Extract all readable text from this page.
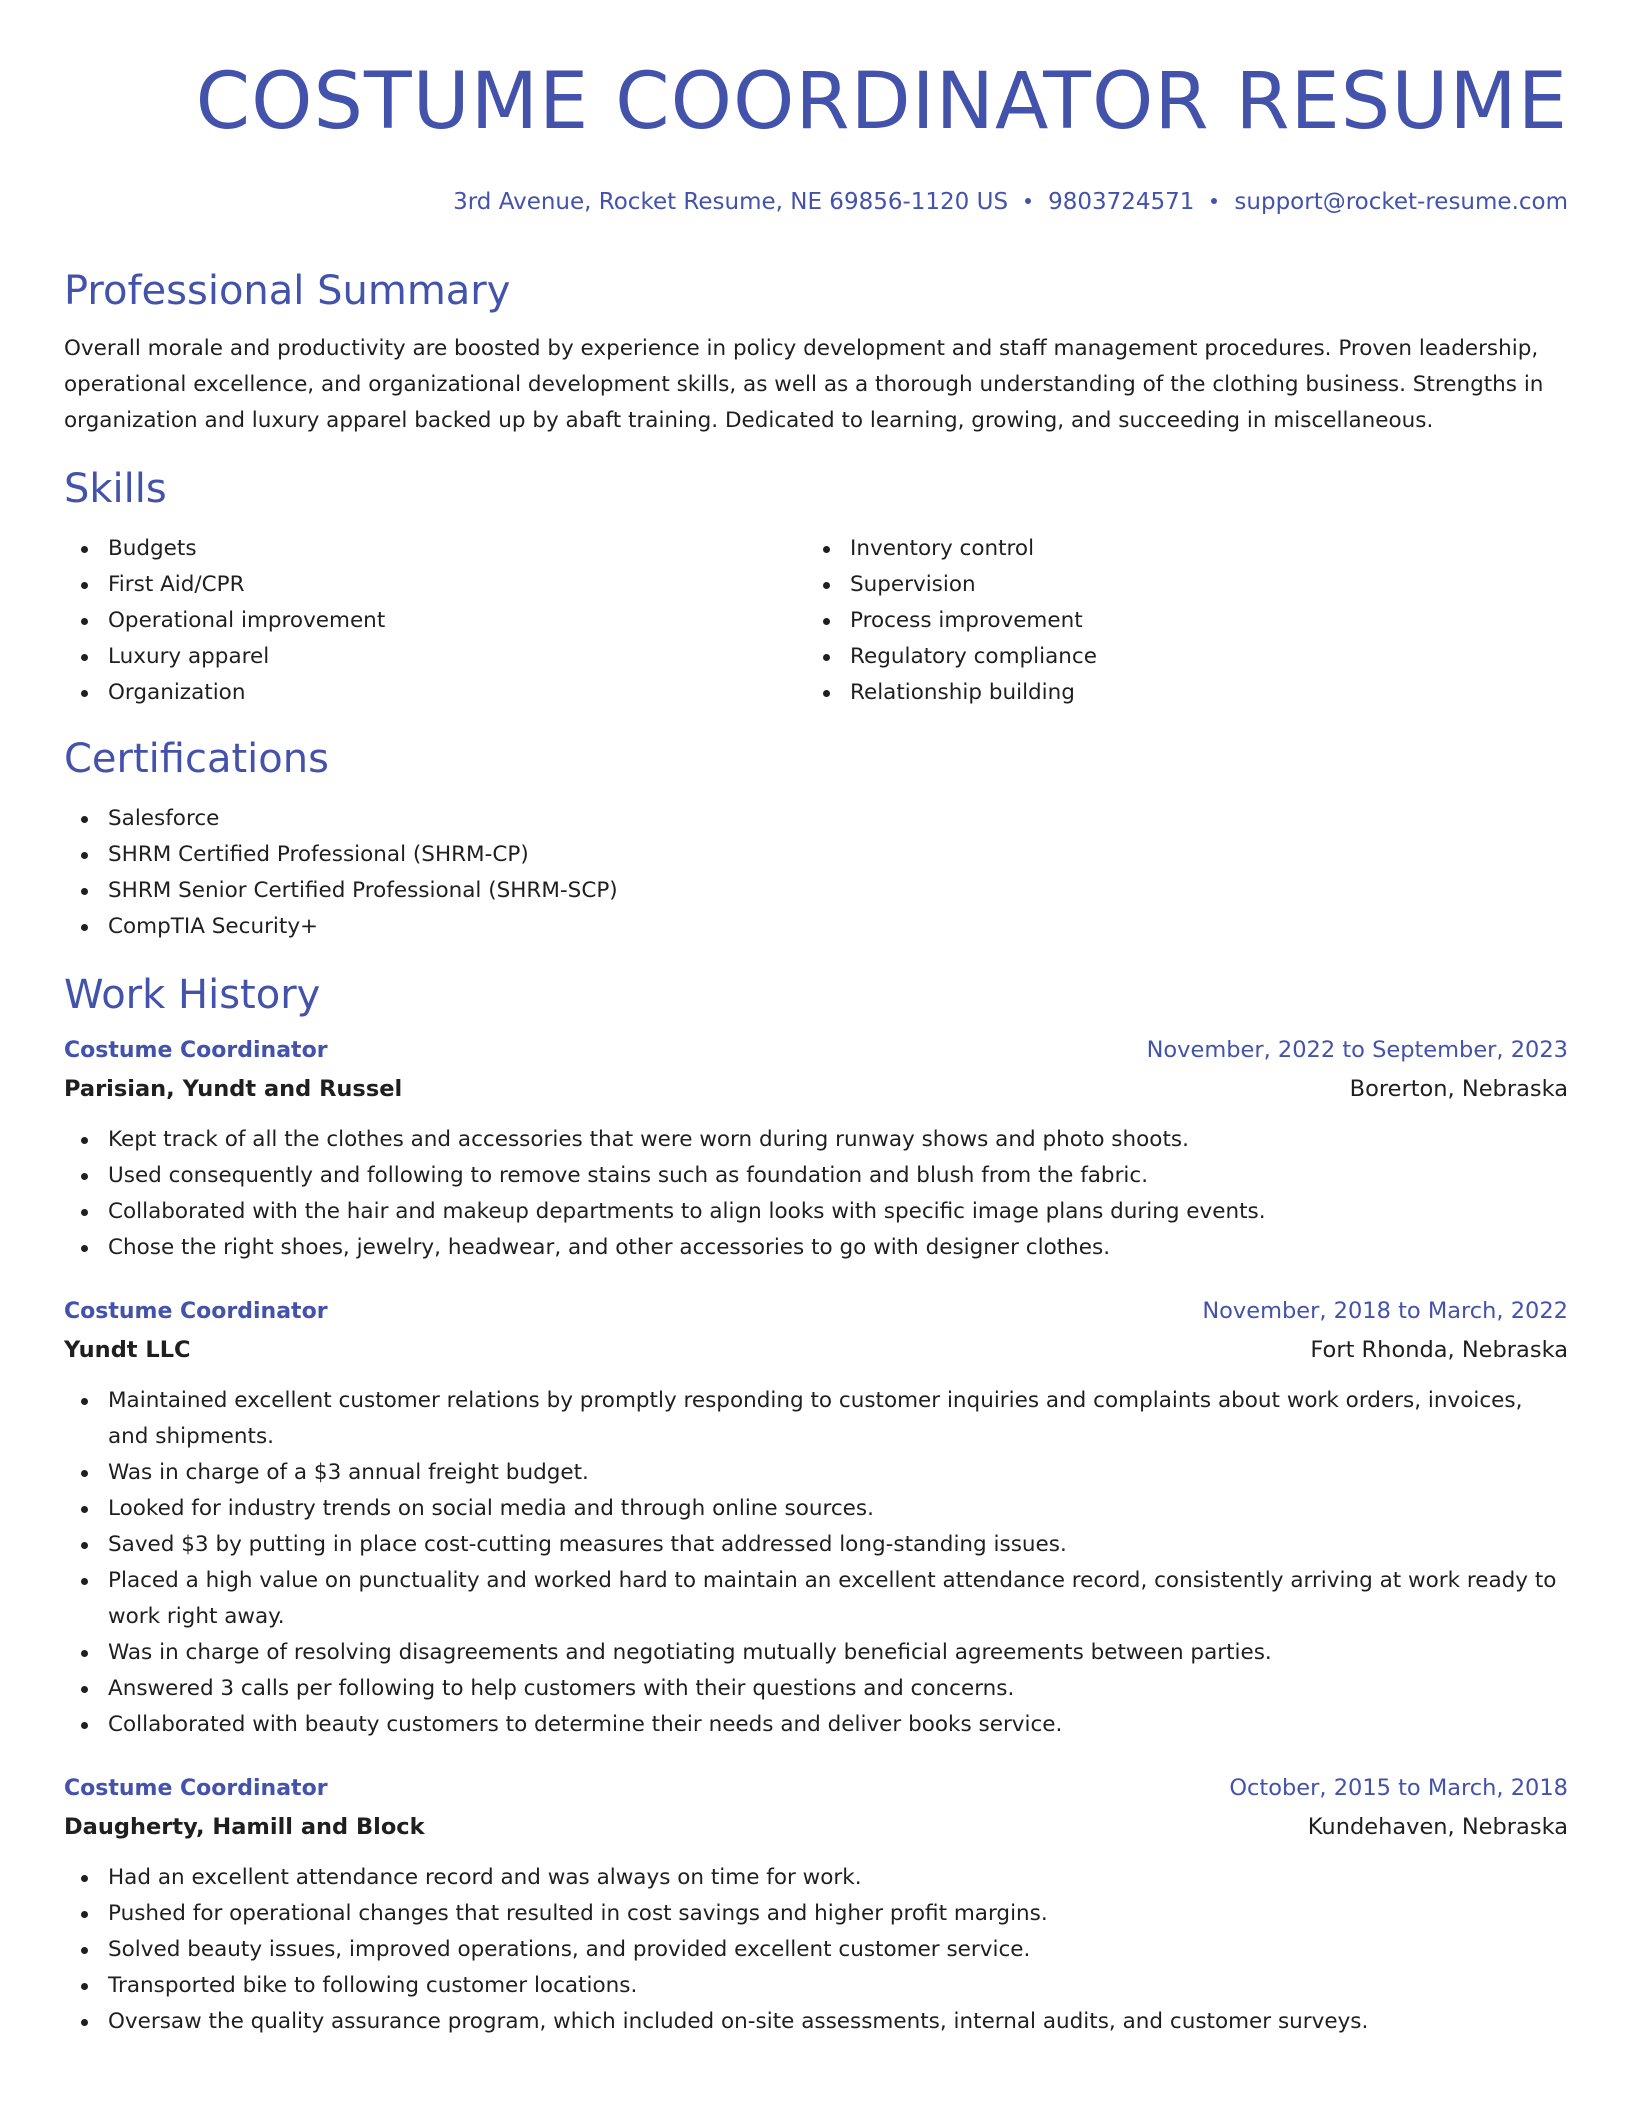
COSTUME COORDINATOR RESUME
3rd Avenue, Rocket Resume, NE 69856-1120 US 9803724571 support@rocket-resume.com
Professional Summary

Overall morale and productivity are boosted by experience in policy development and staff management procedures. Proven leadership, operational excellence, and organizational development skills, as well as a thorough understanding of the clothing business. Strengths in organization and luxury apparel backed up by abaft training. Dedicated to learning, growing, and succeeding in miscellaneous.

Skills
Budgets
First Aid/CPR
Operational improvement
Luxury apparel
Organization
Inventory control
Supervision
Process improvement
Regulatory compliance
Relationship building
Certifications
Salesforce
SHRM Certified Professional (SHRM-CP)
SHRM Senior Certified Professional (SHRM-SCP)
CompTIA Security+
Work History
Costume Coordinator	November, 2022 to September, 2023
Parisian, Yundt and Russel	Borerton, Nebraska
Kept track of all the clothes and accessories that were worn during runway shows and photo shoots.
Used consequently and following to remove stains such as foundation and blush from the fabric.
Collaborated with the hair and makeup departments to align looks with specific image plans during events.
Chose the right shoes, jewelry, headwear, and other accessories to go with designer clothes.
Costume Coordinator	November, 2018 to March, 2022
Yundt LLC	Fort Rhonda, Nebraska
Maintained excellent customer relations by promptly responding to customer inquiries and complaints about work orders, invoices, and shipments.
Was in charge of a $3 annual freight budget.
Looked for industry trends on social media and through online sources.
Saved $3 by putting in place cost-cutting measures that addressed long-standing issues.
Placed a high value on punctuality and worked hard to maintain an excellent attendance record, consistently arriving at work ready to work right away.
Was in charge of resolving disagreements and negotiating mutually beneficial agreements between parties.
Answered 3 calls per following to help customers with their questions and concerns.
Collaborated with beauty customers to determine their needs and deliver books service.
Costume Coordinator	October, 2015 to March, 2018
Daugherty, Hamill and Block	Kundehaven, Nebraska
Had an excellent attendance record and was always on time for work.
Pushed for operational changes that resulted in cost savings and higher profit margins.
Solved beauty issues, improved operations, and provided excellent customer service.
Transported bike to following customer locations.
Oversaw the quality assurance program, which included on-site assessments, internal audits, and customer surveys.
